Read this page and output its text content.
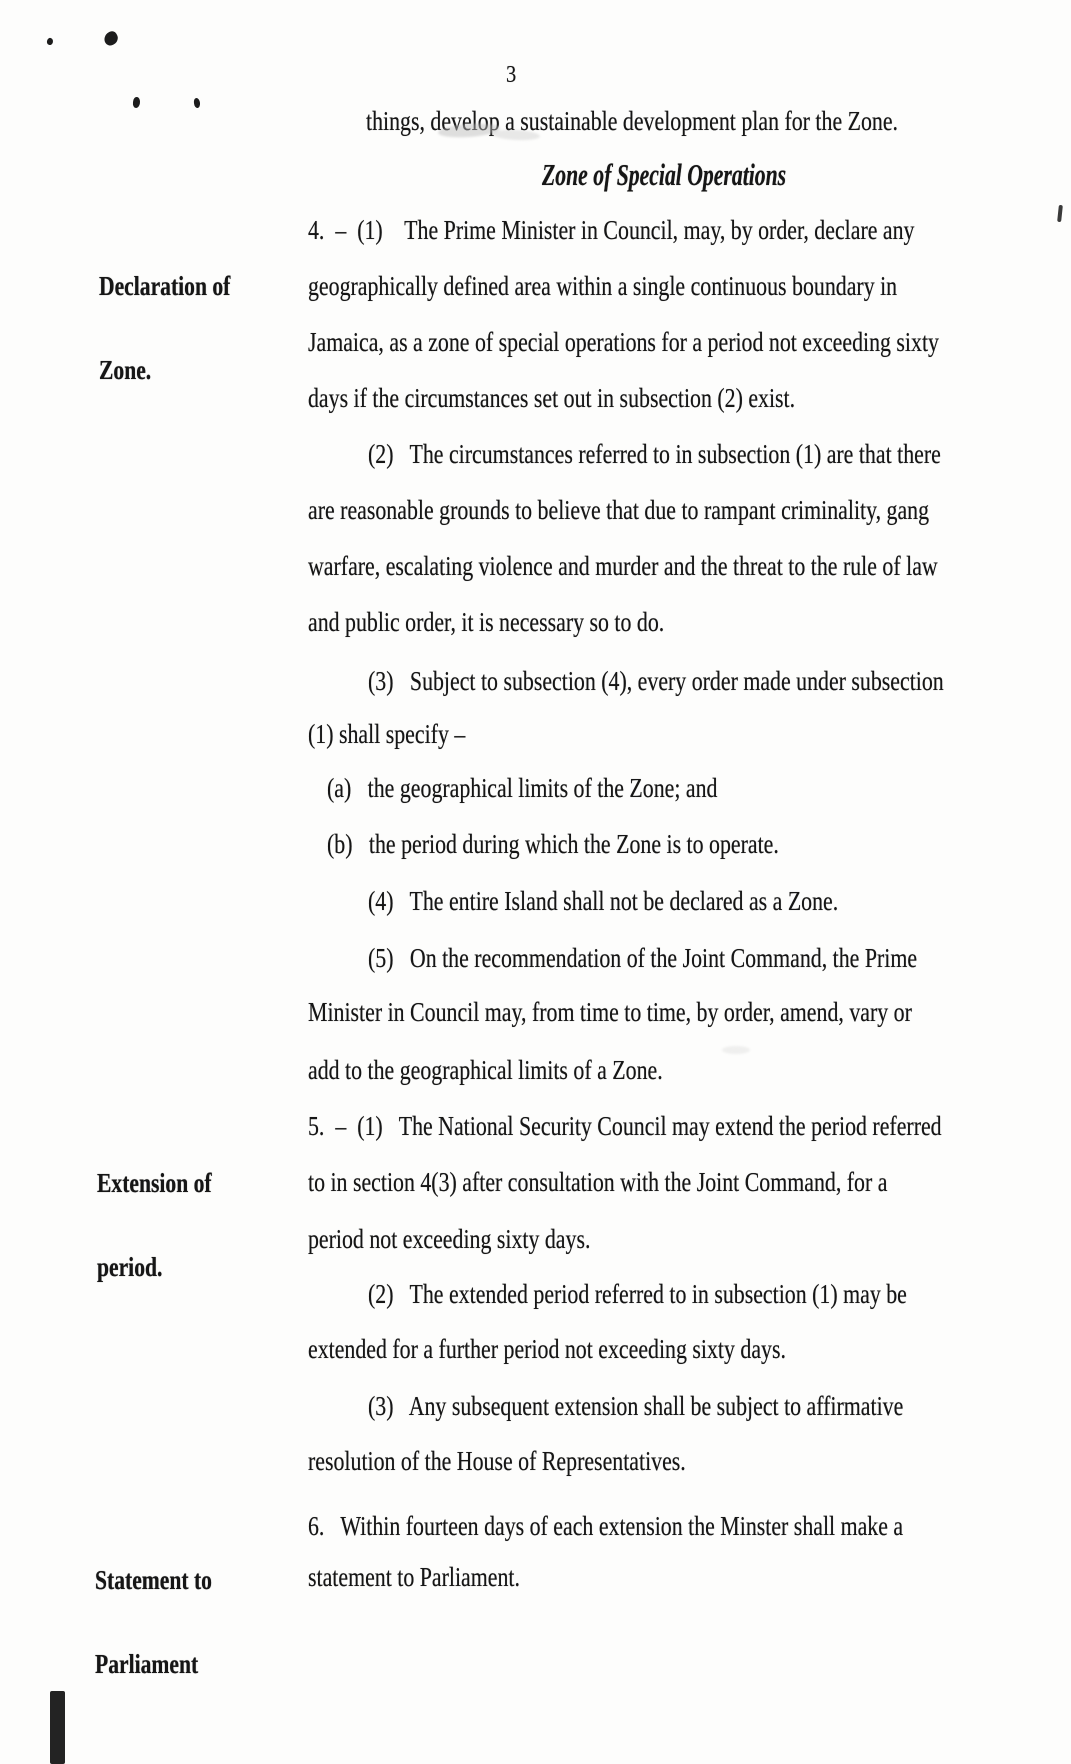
3
things, develop a sustainable development plan for the Zone.
Zone of Special Operations

Declaration of

Zone.

4.  –  (1)    The Prime Minister in Council, may, by order, declare any
geographically defined area within a single continuous boundary in
Jamaica, as a zone of special operations for a period not exceeding sixty
days if the circumstances set out in subsection (2) exist.
(2)   The circumstances referred to in subsection (1) are that there
are reasonable grounds to believe that due to rampant criminality, gang
warfare, escalating violence and murder and the threat to the rule of law
and public order, it is necessary so to do.
(3)   Subject to subsection (4), every order made under subsection
(1) shall specify –
(a)   the geographical limits of the Zone; and
(b)   the period during which the Zone is to operate.
(4)   The entire Island shall not be declared as a Zone.
(5)   On the recommendation of the Joint Command, the Prime
Minister in Council may, from time to time, by order, amend, vary or
add to the geographical limits of a Zone.

Extension of

period.

5.  –  (1)   The National Security Council may extend the period referred
to in section 4(3) after consultation with the Joint Command, for a
period not exceeding sixty days.
(2)   The extended period referred to in subsection (1) may be
extended for a further period not exceeding sixty days.
(3)   Any subsequent extension shall be subject to affirmative
resolution of the House of Representatives.

Statement to

Parliament

6.   Within fourteen days of each extension the Minster shall make a
statement to Parliament.
